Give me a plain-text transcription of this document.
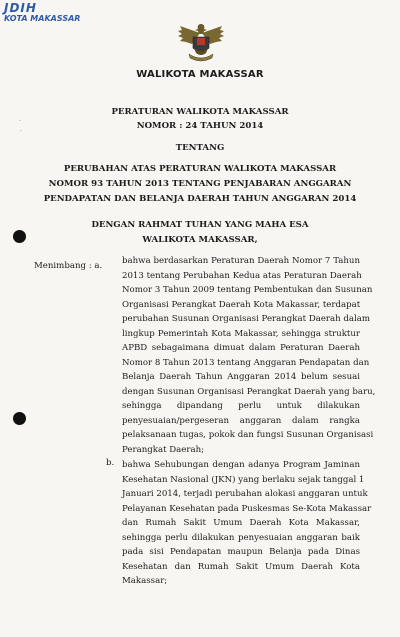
JDIH
KOTA MAKASSAR
WALIKOTA MAKASSAR
PERATURAN WALIKOTA MAKASSAR
NOMOR : 24 TAHUN 2014
TENTANG
PERUBAHAN ATAS PERATURAN WALIKOTA MAKASSAR
NOMOR 93 TAHUN 2013 TENTANG PENJABARAN ANGGARAN
PENDAPATAN DAN BELANJA DAERAH TAHUN ANGGARAN 2014
DENGAN RAHMAT TUHAN YANG MAHA ESA
WALIKOTA MAKASSAR,
·
·
Menimbang : a. bahwa berdasarkan Peraturan Daerah Nomor 7 Tahun
2013 tentang Perubahan Kedua atas Peraturan Daerah
Nomor 3 Tahun 2009 tentang Pembentukan dan Susunan
Organisasi Perangkat Daerah Kota Makassar, terdapat
perubahan Susunan Organisasi Perangkat Daerah dalam
lingkup Pemerintah Kota Makassar, sehingga struktur
APBD sebagaimana dimuat dalam Peraturan Daerah
Nomor 8 Tahun 2013 tentang Anggaran Pendapatan dan
Belanja Daerah Tahun Anggaran 2014 belum sesuai
dengan Susunan Organisasi Perangkat Daerah yang baru,
sehingga dipandang perlu untuk dilakukan
penyesuaian/pergeseran anggaran dalam rangka
pelaksanaan tugas, pokok dan fungsi Susunan Organisasi
Perangkat Daerah;
b. bahwa Sehubungan dengan adanya Program Jaminan
Kesehatan Nasional (JKN) yang berlaku sejak tanggal 1
Januari 2014, terjadi perubahan alokasi anggaran untuk
Pelayanan Kesehatan pada Puskesmas Se-Kota Makassar
dan Rumah Sakit Umum Daerah Kota Makassar,
sehingga perlu dilakukan penyesuaian anggaran baik
pada sisi Pendapatan maupun Belanja pada Dinas
Kesehatan dan Rumah Sakit Umum Daerah Kota
Makassar;
